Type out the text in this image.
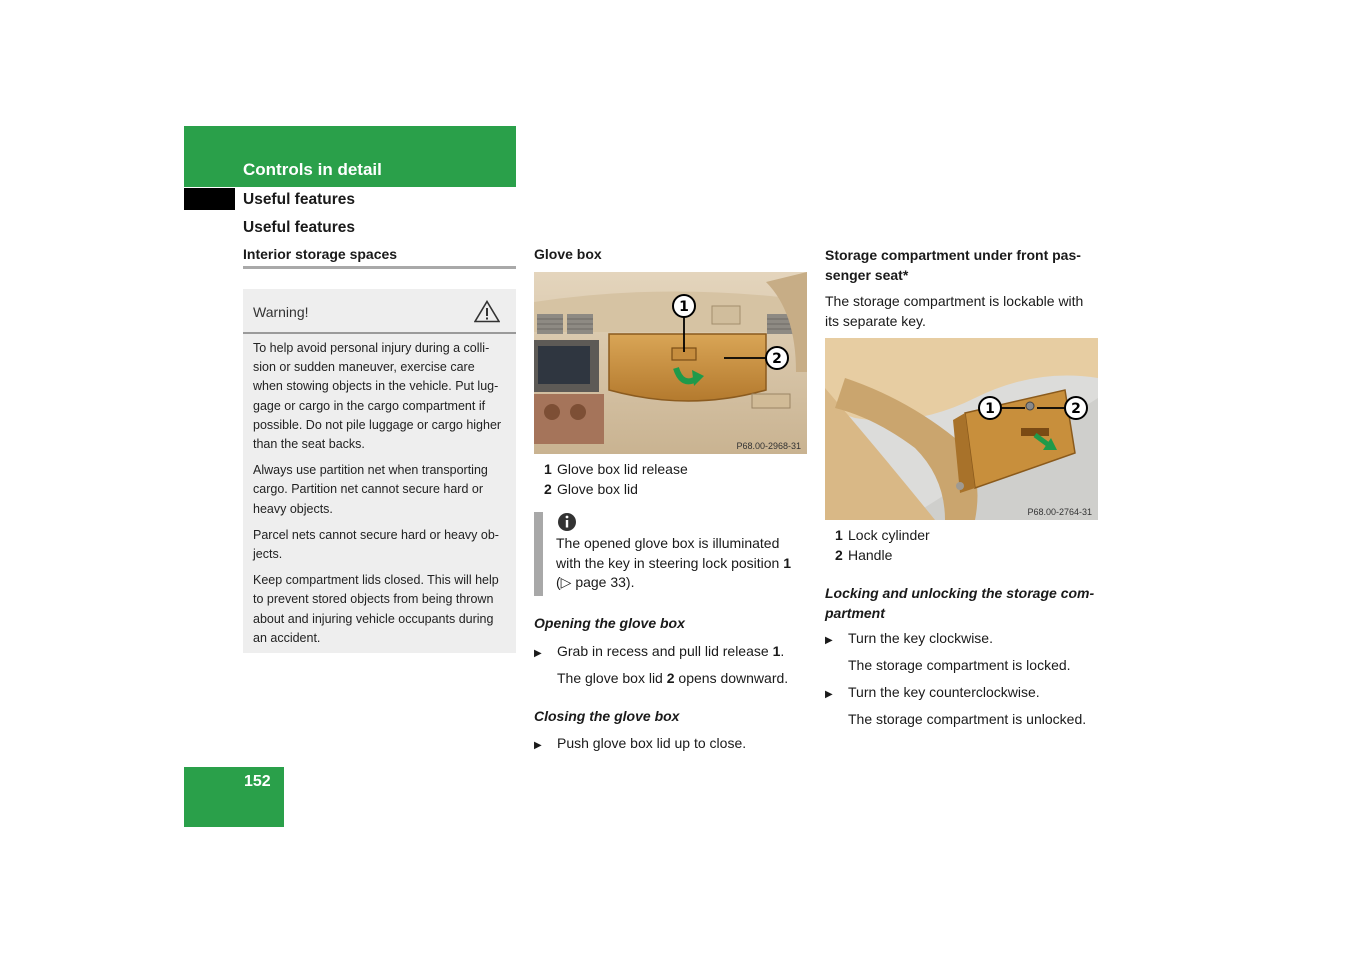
Controls in detail
Useful features
Useful features
Interior storage spaces
Warning!
To help avoid personal injury during a colli-
sion or sudden maneuver, exercise care
when stowing objects in the vehicle. Put lug-
gage or cargo in the cargo compartment if
possible. Do not pile luggage or cargo higher
than the seat backs.
Always use partition net when transporting
cargo. Partition net cannot secure hard or
heavy objects.
Parcel nets cannot secure hard or heavy ob-
jects.
Keep compartment lids closed. This will help
to prevent stored objects from being thrown
about and injuring vehicle occupants during
an accident.
152
Glove box
1
2
P68.00-2968-31
1 Glove box lid release
2 Glove box lid
The opened glove box is illuminated
with the key in steering lock position 1
(▷ page 33).
Opening the glove box
▶ Grab in recess and pull lid release 1.
The glove box lid 2 opens downward.
Closing the glove box
▶ Push glove box lid up to close.
Storage compartment under front pas-
senger seat*
The storage compartment is lockable with
its separate key.
1	2
P68.00-2764-31
1 Lock cylinder
2 Handle
Locking and unlocking the storage com-
partment
▶ Turn the key clockwise.
The storage compartment is locked.
▶ Turn the key counterclockwise.
The storage compartment is unlocked.
